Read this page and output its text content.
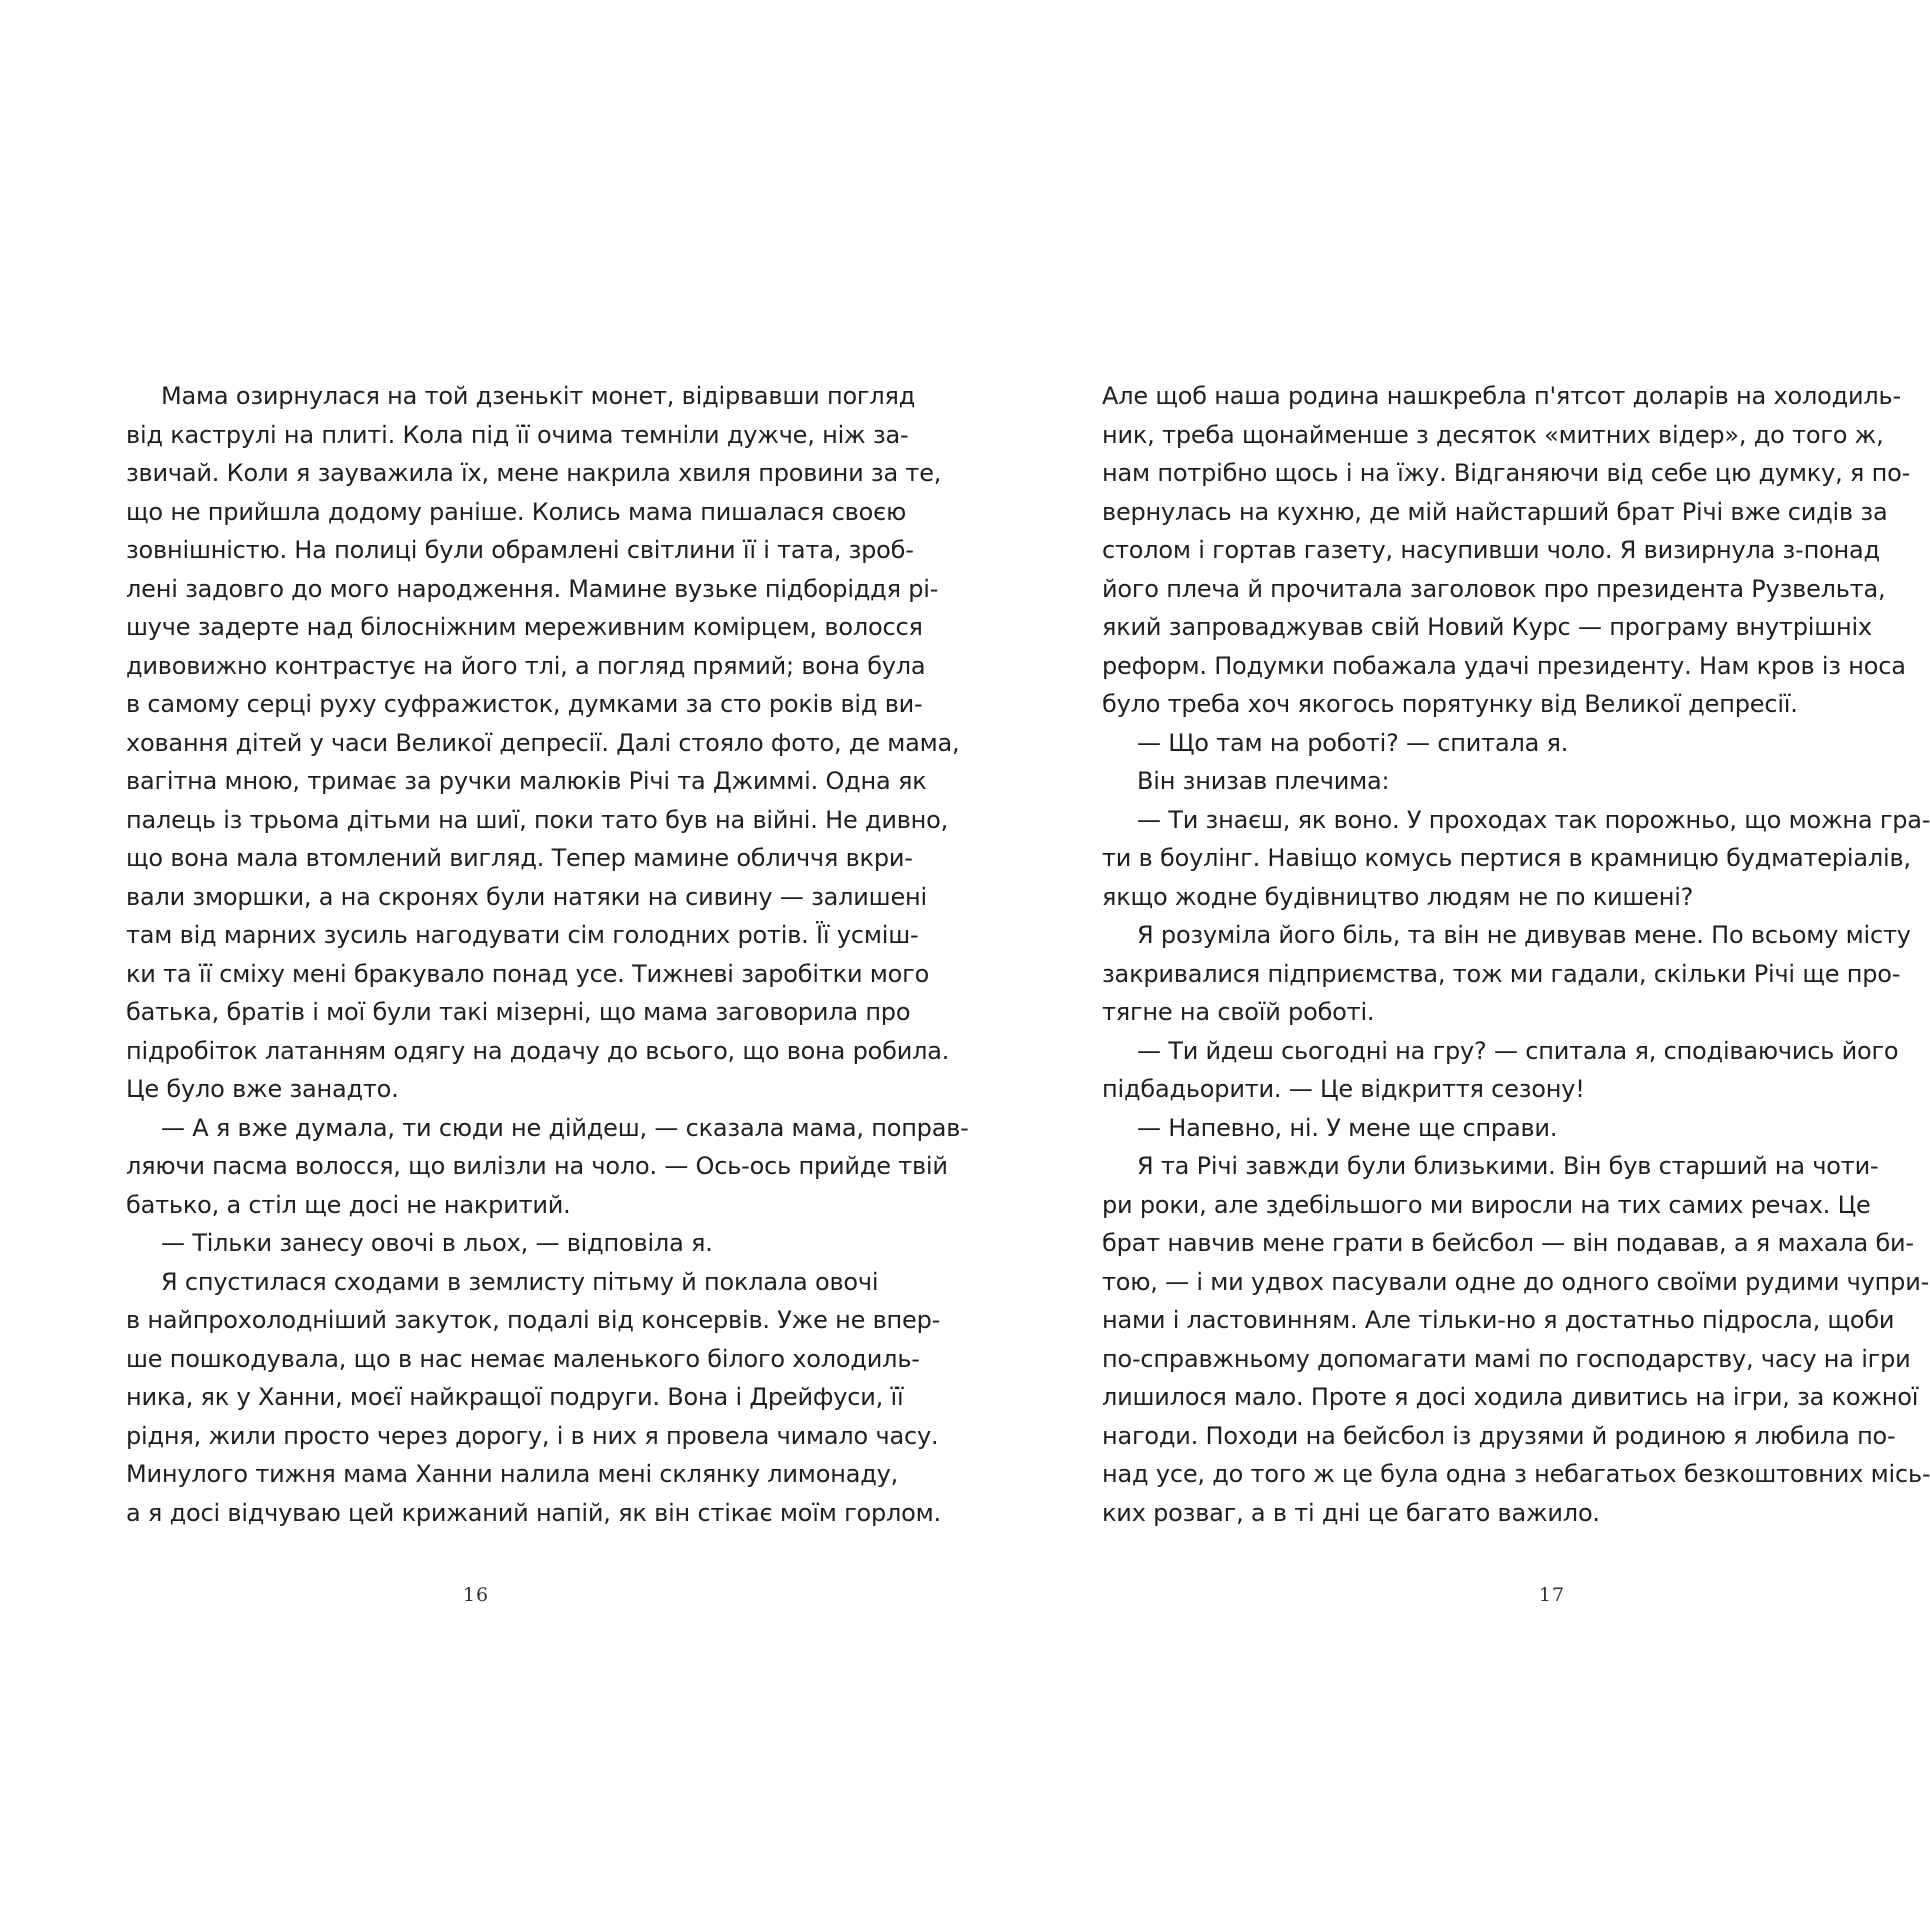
Мама озирнулася на той дзенькіт монет, відірвавши погляд
від каструлі на плиті. Кола під її очима темніли дужче, ніж за-
звичай. Коли я зауважила їх, мене накрила хвиля провини за те,
що не прийшла додому раніше. Колись мама пишалася своєю
зовнішністю. На полиці були обрамлені світлини її і тата, зроб-
лені задовго до мого народження. Мамине вузьке підборіддя рі-
шуче задерте над білосніжним мереживним комірцем, волосся
дивовижно контрастує на його тлі, а погляд прямий; вона була
в самому серці руху суфражисток, думками за сто років від ви-
ховання дітей у часи Великої депресії. Далі стояло фото, де мама,
вагітна мною, тримає за ручки малюків Річі та Джиммі. Одна як
палець із трьома дітьми на шиї, поки тато був на війні. Не дивно,
що вона мала втомлений вигляд. Тепер мамине обличчя вкри-
вали зморшки, а на скронях були натяки на сивину — залишені
там від марних зусиль нагодувати сім голодних ротів. Її усміш-
ки та її сміху мені бракувало понад усе. Тижневі заробітки мого
батька, братів і мої були такі мізерні, що мама заговорила про
підробіток латанням одягу на додачу до всього, що вона робила.
Це було вже занадто.
— А я вже думала, ти сюди не дійдеш, — сказала мама, поправ-
ляючи пасма волосся, що вилізли на чоло. — Ось-ось прийде твій
батько, а стіл ще досі не накритий.
— Тільки занесу овочі в льох, — відповіла я.
Я спустилася сходами в землисту пітьму й поклала овочі
в найпрохолодніший закуток, подалі від консервів. Уже не впер-
ше пошкодувала, що в нас немає маленького білого холодиль-
ника, як у Ханни, моєї найкращої подруги. Вона і Дрейфуси, її
рідня, жили просто через дорогу, і в них я провела чимало часу.
Минулого тижня мама Ханни налила мені склянку лимонаду,
а я досі відчуваю цей крижаний напій, як він стікає моїм горлом.
16
Але щоб наша родина нашкребла п'ятсот доларів на холодиль-
ник, треба щонайменше з десяток «митних відер», до того ж,
нам потрібно щось і на їжу. Відганяючи від себе цю думку, я по-
вернулась на кухню, де мій найстарший брат Річі вже сидів за
столом і гортав газету, насупивши чоло. Я визирнула з-понад
його плеча й прочитала заголовок про президента Рузвельта,
який запроваджував свій Новий Курс — програму внутрішніх
реформ. Подумки побажала удачі президенту. Нам кров із носа
було треба хоч якогось порятунку від Великої депресії.
— Що там на роботі? — спитала я.
Він знизав плечима:
— Ти знаєш, як воно. У проходах так порожньо, що можна гра-
ти в боулінг. Навіщо комусь пертися в крамницю будматеріалів,
якщо жодне будівництво людям не по кишені?
Я розуміла його біль, та він не дивував мене. По всьому місту
закривалися підприємства, тож ми гадали, скільки Річі ще про-
тягне на своїй роботі.
— Ти йдеш сьогодні на гру? — спитала я, сподіваючись його
підбадьорити. — Це відкриття сезону!
— Напевно, ні. У мене ще справи.
Я та Річі завжди були близькими. Він був старший на чоти-
ри роки, але здебільшого ми виросли на тих самих речах. Це
брат навчив мене грати в бейсбол — він подавав, а я махала би-
тою, — і ми удвох пасували одне до одного своїми рудими чупри-
нами і ластовинням. Але тільки-но я достатньо підросла, щоби
по-справжньому допомагати мамі по господарству, часу на ігри
лишилося мало. Проте я досі ходила дивитись на ігри, за кожної
нагоди. Походи на бейсбол із друзями й родиною я любила по-
над усе, до того ж це була одна з небагатьох безкоштовних місь-
ких розваг, а в ті дні це багато важило.
17
